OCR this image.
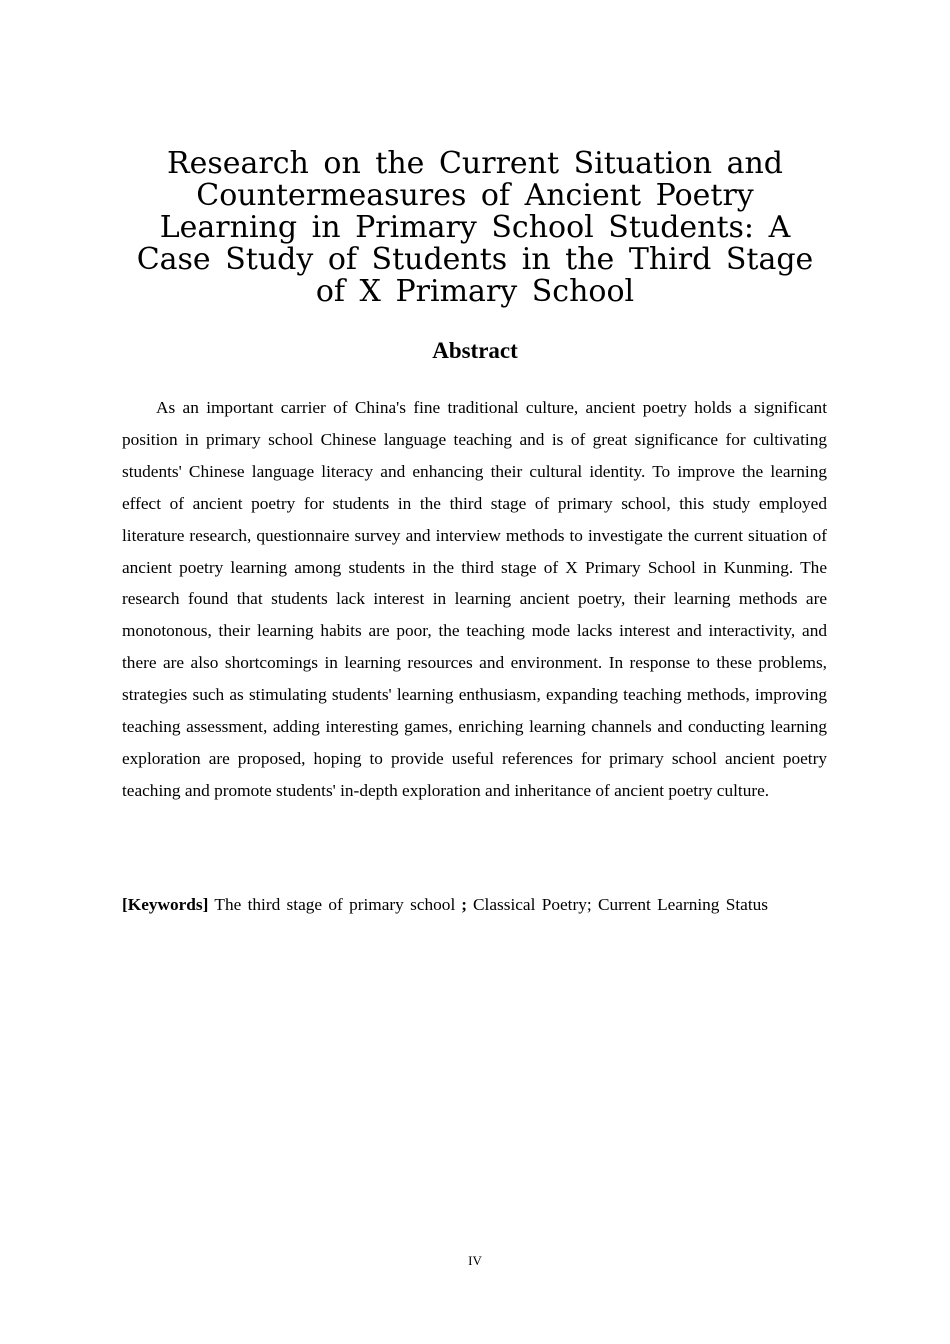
Research on the Current Situation and Countermeasures of Ancient Poetry Learning in Primary School Students: A Case Study of Students in the Third Stage of X Primary School
Abstract

As an important carrier of China's fine traditional culture, ancient poetry holds a significant position in primary school Chinese language teaching and is of great significance for cultivating students' Chinese language literacy and enhancing their cultural identity. To improve the learning effect of ancient poetry for students in the third stage of primary school, this study employed literature research, questionnaire survey and interview methods to investigate the current situation of ancient poetry learning among students in the third stage of X Primary School in Kunming. The research found that students lack interest in learning ancient poetry, their learning methods are monotonous, their learning habits are poor, the teaching mode lacks interest and interactivity, and there are also shortcomings in learning resources and environment. In response to these problems, strategies such as stimulating students' learning enthusiasm, expanding teaching methods, improving teaching assessment, adding interesting games, enriching learning channels and conducting learning exploration are proposed, hoping to provide useful references for primary school ancient poetry teaching and promote students' in-depth exploration and inheritance of ancient poetry culture.

[Keywords] The third stage of primary school ; Classical Poetry; Current Learning Status

IV
